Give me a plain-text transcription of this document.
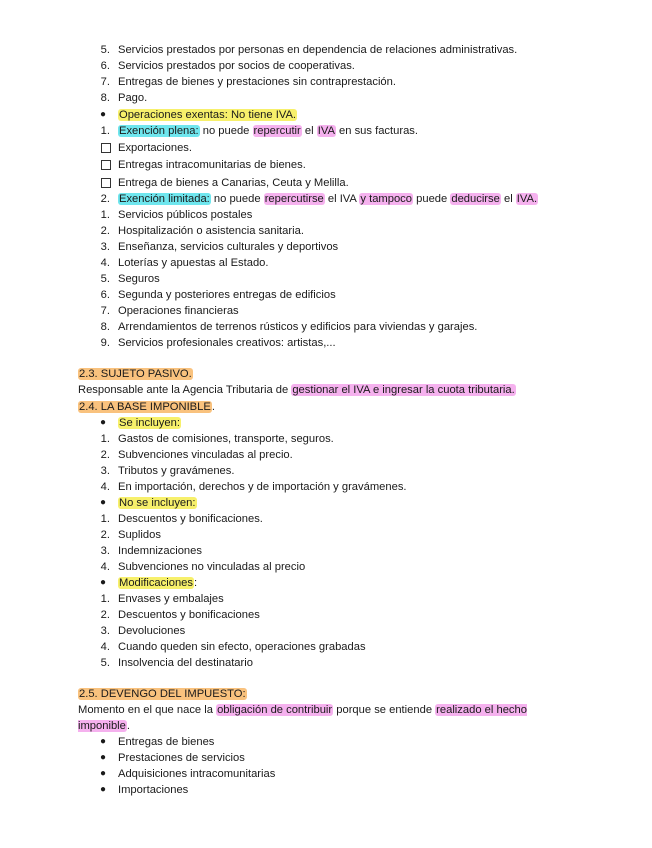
5. Servicios prestados por personas en dependencia de relaciones administrativas.
6. Servicios prestados por socios de cooperativas.
7. Entregas de bienes y prestaciones sin contraprestación.
8. Pago.
●	Operaciones exentas: No tiene IVA.
1. Exención plena: no puede repercutir el IVA en sus facturas.
Exportaciones.
Entregas intracomunitarias de bienes.
Entrega de bienes a Canarias, Ceuta y Melilla.
2. Exención limitada: no puede repercutirse el IVA y tampoco puede deducirse el IVA.
1. Servicios públicos postales
2. Hospitalización o asistencia sanitaria.
3. Enseñanza, servicios culturales y deportivos
4. Loterías y apuestas al Estado.
5. Seguros
6. Segunda y posteriores entregas de edificios
7. Operaciones financieras
8. Arrendamientos de terrenos rústicos y edificios para viviendas y garajes.
9. Servicios profesionales creativos: artistas,...
2.3. SUJETO PASIVO.
Responsable ante la Agencia Tributaria de gestionar el IVA e ingresar la cuota tributaria.
2.4. LA BASE IMPONIBLE.
●	Se incluyen:
1. Gastos de comisiones, transporte, seguros.
2. Subvenciones vinculadas al precio.
3. Tributos y gravámenes.
4. En importación, derechos y de importación y gravámenes.
●	No se incluyen:
1. Descuentos y bonificaciones.
2. Suplidos
3. Indemnizaciones
4. Subvenciones no vinculadas al precio
●	Modificaciones:
1. Envases y embalajes
2. Descuentos y bonificaciones
3. Devoluciones
4. Cuando queden sin efecto, operaciones grabadas
5. Insolvencia del destinatario
2.5. DEVENGO DEL IMPUESTO:
Momento en el que nace la obligación de contribuir porque se entiende realizado el hecho imponible.
●	Entregas de bienes
●	Prestaciones de servicios
●	Adquisiciones intracomunitarias
●	Importaciones
